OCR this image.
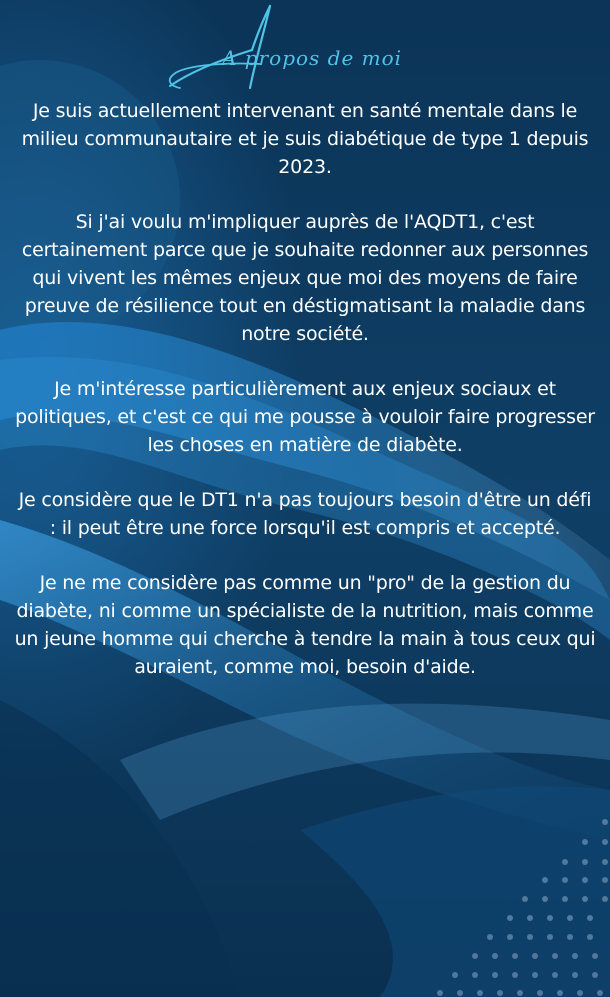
A propos de moi

Je suis actuellement intervenant en santé mentale dans le milieu communautaire et je suis diabétique de type 1 depuis 2023.

Si j'ai voulu m'impliquer auprès de l'AQDT1, c'est certainement parce que je souhaite redonner aux personnes qui vivent les mêmes enjeux que moi des moyens de faire preuve de résilience tout en déstigmatisant la maladie dans notre société.

Je m'intéresse particulièrement aux enjeux sociaux et politiques, et c'est ce qui me pousse à vouloir faire progresser les choses en matière de diabète.

Je considère que le DT1 n'a pas toujours besoin d'être un défi : il peut être une force lorsqu'il est compris et accepté.

Je ne me considère pas comme un "pro" de la gestion du diabète, ni comme un spécialiste de la nutrition, mais comme un jeune homme qui cherche à tendre la main à tous ceux qui auraient, comme moi, besoin d'aide.
